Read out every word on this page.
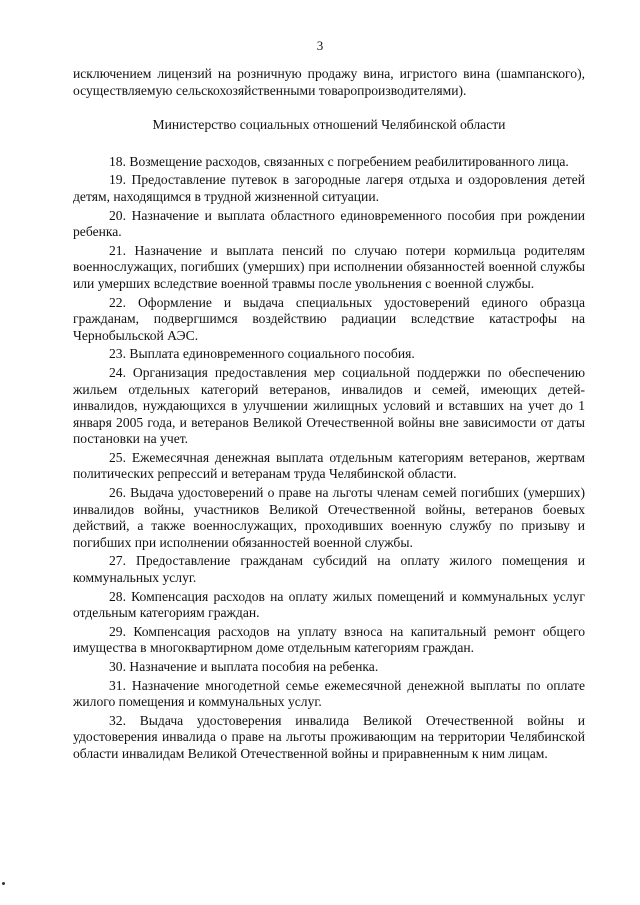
3

исключением лицензий на розничную продажу вина, игристого вина (шампанского), осуществляемую сельскохозяйственными товаропроизводителями).

Министерство социальных отношений Челябинской области

18. Возмещение расходов, связанных с погребением реабилитированного лица.

19. Предоставление путевок в загородные лагеря отдыха и оздоровления детей детям, находящимся в трудной жизненной ситуации.

20. Назначение и выплата областного единовременного пособия при рождении ребенка.

21. Назначение и выплата пенсий по случаю потери кормильца родителям военнослужащих, погибших (умерших) при исполнении обязанностей военной службы или умерших вследствие военной травмы после увольнения с военной службы.

22. Оформление и выдача специальных удостоверений единого образца гражданам, подвергшимся воздействию радиации вследствие катастрофы на Чернобыльской АЭС.

23. Выплата единовременного социального пособия.

24. Организация предоставления мер социальной поддержки по обеспечению жильем отдельных категорий ветеранов, инвалидов и семей, имеющих детей-инвалидов, нуждающихся в улучшении жилищных условий и вставших на учет до 1 января 2005 года, и ветеранов Великой Отечественной войны вне зависимости от даты постановки на учет.

25. Ежемесячная денежная выплата отдельным категориям ветеранов, жертвам политических репрессий и ветеранам труда Челябинской области.

26. Выдача удостоверений о праве на льготы членам семей погибших (умерших) инвалидов войны, участников Великой Отечественной войны, ветеранов боевых действий, а также военнослужащих, проходивших военную службу по призыву и погибших при исполнении обязанностей военной службы.

27. Предоставление гражданам субсидий на оплату жилого помещения и коммунальных услуг.

28. Компенсация расходов на оплату жилых помещений и коммунальных услуг отдельным категориям граждан.

29. Компенсация расходов на уплату взноса на капитальный ремонт общего имущества в многоквартирном доме отдельным категориям граждан.

30. Назначение и выплата пособия на ребенка.

31. Назначение многодетной семье ежемесячной денежной выплаты по оплате жилого помещения и коммунальных услуг.

32. Выдача удостоверения инвалида Великой Отечественной войны и удостоверения инвалида о праве на льготы проживающим на территории Челябинской области инвалидам Великой Отечественной войны и приравненным к ним лицам.
